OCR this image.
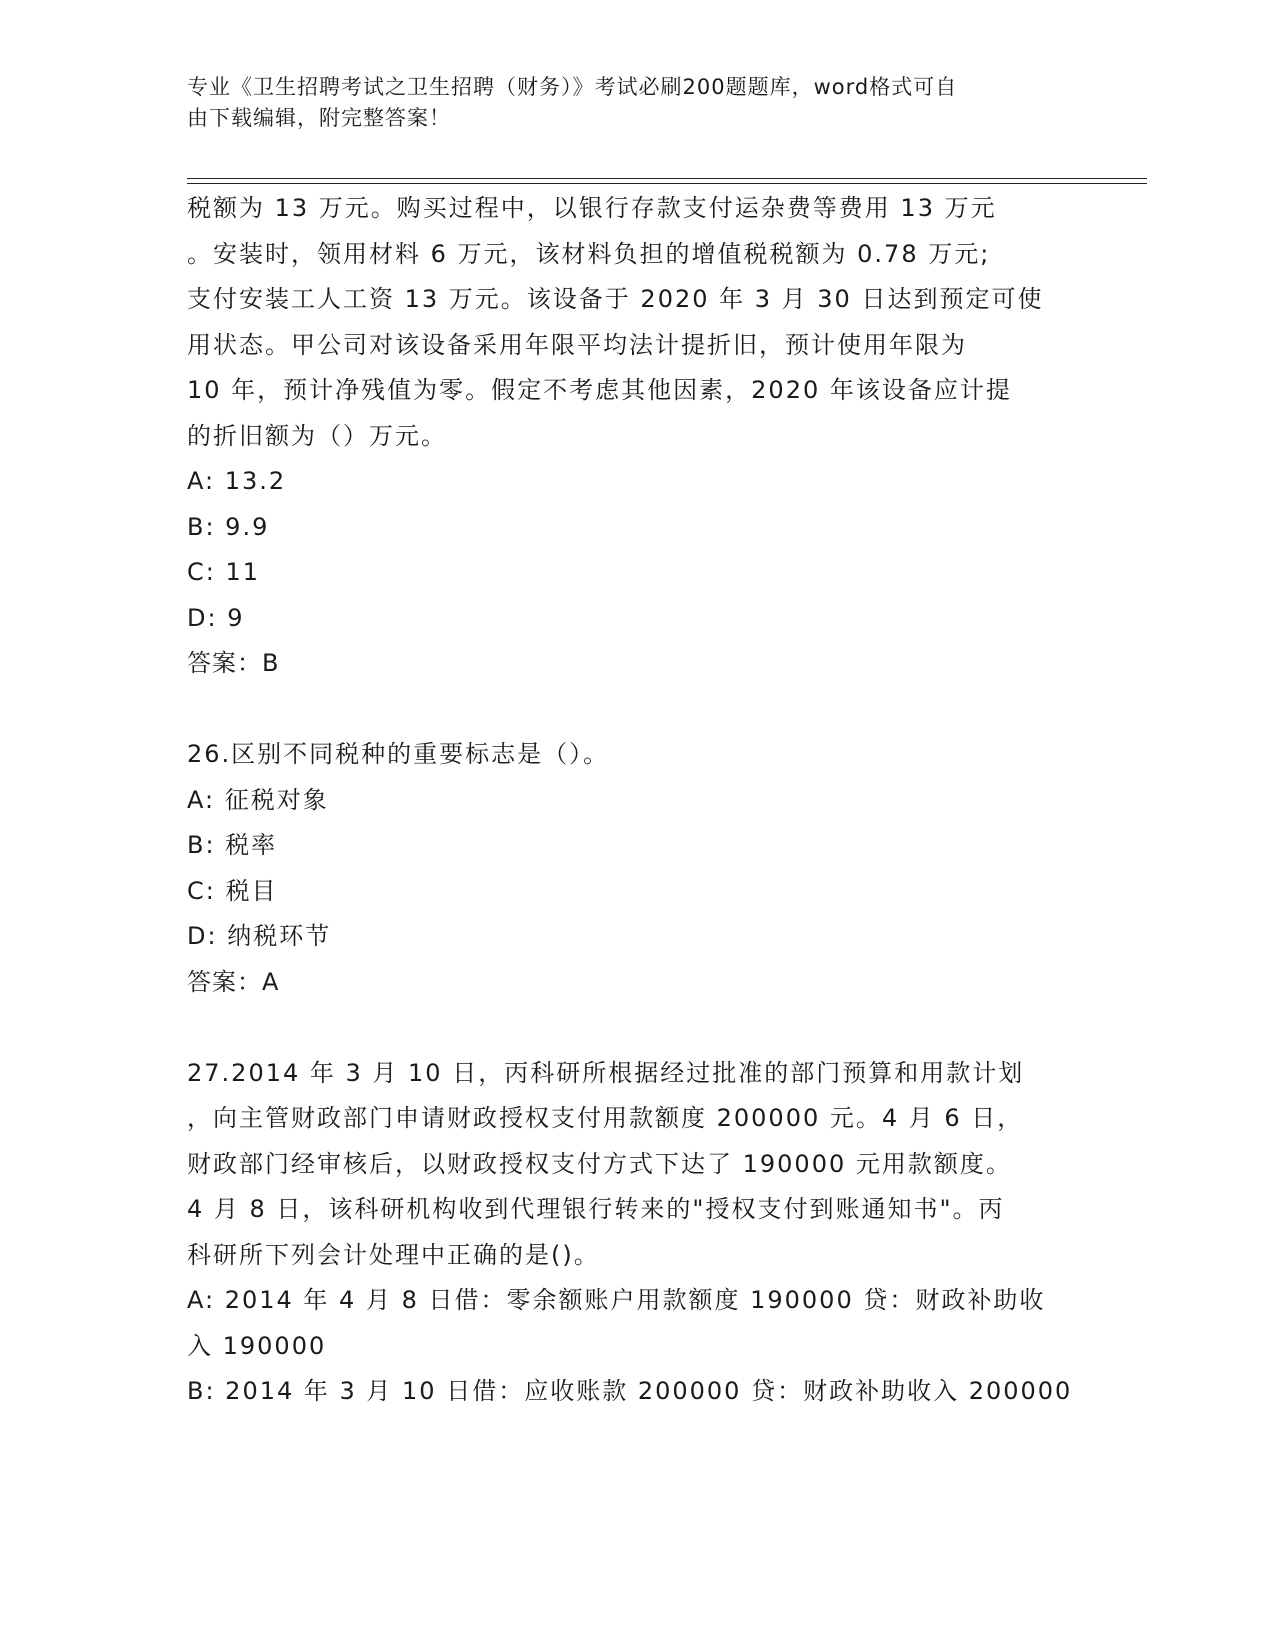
专业《卫生招聘考试之卫生招聘（财务）》考试必刷200题题库，word格式可自
由下载编辑，附完整答案！
税额为 13 万元。购买过程中，以银行存款支付运杂费等费用 13 万元
。安装时，领用材料 6 万元，该材料负担的增值税税额为 0.78 万元;
支付安装工人工资 13 万元。该设备于 2020 年 3 月 30 日达到预定可使
用状态。甲公司对该设备采用年限平均法计提折旧，预计使用年限为
10 年，预计净残值为零。假定不考虑其他因素，2020 年该设备应计提
的折旧额为（）万元。
A: 13.2
B: 9.9
C: 11
D: 9
答案：B
26.区别不同税种的重要标志是（）。
A: 征税对象
B: 税率
C: 税目
D: 纳税环节
答案：A
27.2014 年 3 月 10 日，丙科研所根据经过批准的部门预算和用款计划
，向主管财政部门申请财政授权支付用款额度 200000 元。4 月 6 日，
财政部门经审核后，以财政授权支付方式下达了 190000 元用款额度。
4 月 8 日，该科研机构收到代理银行转来的"授权支付到账通知书"。丙
科研所下列会计处理中正确的是()。
A: 2014 年 4 月 8 日借：零余额账户用款额度 190000 贷：财政补助收
入 190000
B: 2014 年 3 月 10 日借：应收账款 200000 贷：财政补助收入 200000
